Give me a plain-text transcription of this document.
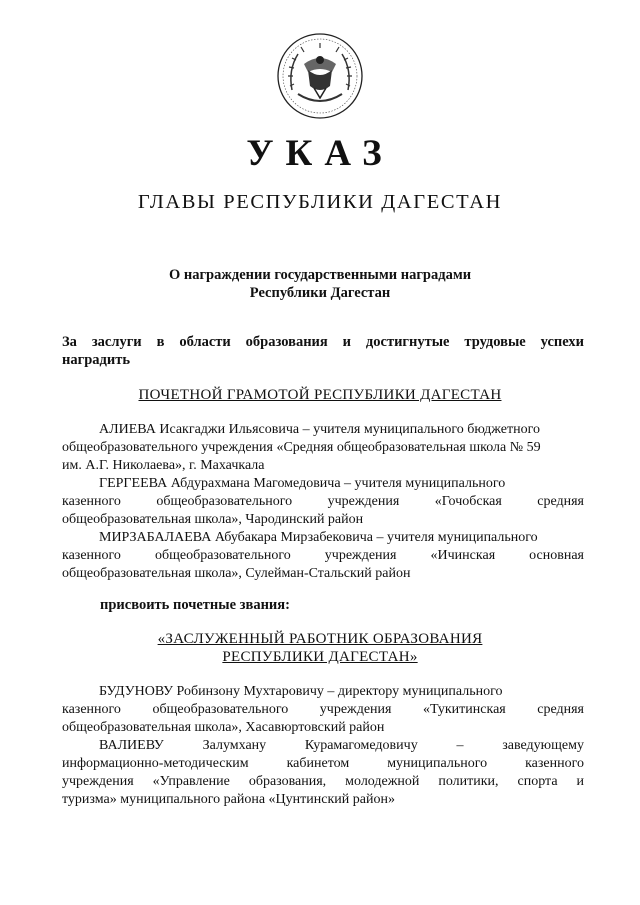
УКАЗ
ГЛАВЫ РЕСПУБЛИКИ ДАГЕСТАН
О награждении государственными наградами
Республики Дагестан
За заслуги в области образования и достигнутые трудовые успехи
наградить
ПОЧЕТНОЙ ГРАМОТОЙ РЕСПУБЛИКИ ДАГЕСТАН
АЛИЕВА Исакгаджи Ильясовича – учителя муниципального бюджетного
общеобразовательного учреждения «Средняя общеобразовательная школа № 59
им. А.Г. Николаева», г. Махачкала
ГЕРГЕЕВА Абдурахмана Магомедовича – учителя муниципального
казенного общеобразовательного учреждения «Гочобская средняя
общеобразовательная школа», Чародинский район
МИРЗАБАЛАЕВА Абубакара Мирзабековича – учителя муниципального
казенного общеобразовательного учреждения «Ичинская основная
общеобразовательная школа», Сулейман-Стальский район
присвоить почетные звания:
«ЗАСЛУЖЕННЫЙ РАБОТНИК ОБРАЗОВАНИЯ
РЕСПУБЛИКИ ДАГЕСТАН»
БУДУНОВУ Робинзону Мухтаровичу – директору муниципального
казенного общеобразовательного учреждения «Тукитинская средняя
общеобразовательная школа», Хасавюртовский район
ВАЛИЕВУ Залумхану Курамагомедовичу – заведующему
информационно-методическим кабинетом муниципального казенного
учреждения «Управление образования, молодежной политики, спорта и
туризма» муниципального района «Цунтинский район»
